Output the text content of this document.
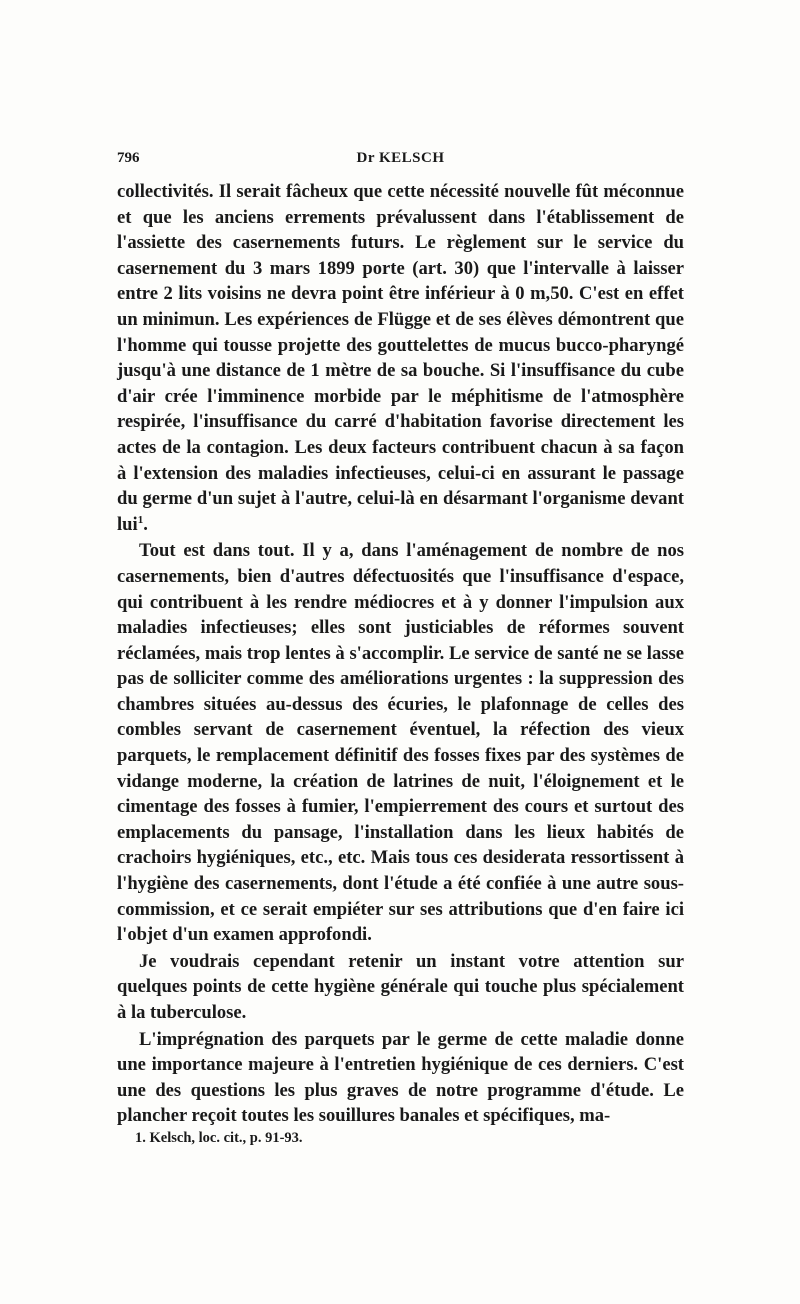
796	Dr KELSCH

collectivités. Il serait fâcheux que cette nécessité nouvelle fût méconnue et que les anciens errements prévalussent dans l'établissement de l'assiette des casernements futurs. Le règlement sur le service du casernement du 3 mars 1899 porte (art. 30) que l'intervalle à laisser entre 2 lits voisins ne devra point être inférieur à 0 m,50. C'est en effet un minimun. Les expériences de Flügge et de ses élèves démontrent que l'homme qui tousse projette des gouttelettes de mucus bucco-pharyngé jusqu'à une distance de 1 mètre de sa bouche. Si l'insuffisance du cube d'air crée l'imminence morbide par le méphitisme de l'atmosphère respirée, l'insuffisance du carré d'habitation favorise directement les actes de la contagion. Les deux facteurs contribuent chacun à sa façon à l'extension des maladies infectieuses, celui-ci en assurant le passage du germe d'un sujet à l'autre, celui-là en désarmant l'organisme devant lui$^1$.

Tout est dans tout. Il y a, dans l'aménagement de nombre de nos casernements, bien d'autres défectuosités que l'insuffisance d'espace, qui contribuent à les rendre médiocres et à y donner l'impulsion aux maladies infectieuses; elles sont justiciables de réformes souvent réclamées, mais trop lentes à s'accomplir. Le service de santé ne se lasse pas de solliciter comme des améliorations urgentes : la suppression des chambres situées au-dessus des écuries, le plafonnage de celles des combles servant de casernement éventuel, la réfection des vieux parquets, le remplacement définitif des fosses fixes par des systèmes de vidange moderne, la création de latrines de nuit, l'éloignement et le cimentage des fosses à fumier, l'empierrement des cours et surtout des emplacements du pansage, l'installation dans les lieux habités de crachoirs hygiéniques, etc., etc. Mais tous ces desiderata ressortissent à l'hygiène des casernements, dont l'étude a été confiée à une autre sous-commission, et ce serait empiéter sur ses attributions que d'en faire ici l'objet d'un examen approfondi.

Je voudrais cependant retenir un instant votre attention sur quelques points de cette hygiène générale qui touche plus spécialement à la tuberculose.

L'imprégnation des parquets par le germe de cette maladie donne une importance majeure à l'entretien hygiénique de ces derniers. C'est une des questions les plus graves de notre programme d'étude. Le plancher reçoit toutes les souillures banales et spécifiques, ma-

1. Kelsch, loc. cit., p. 91-93.
